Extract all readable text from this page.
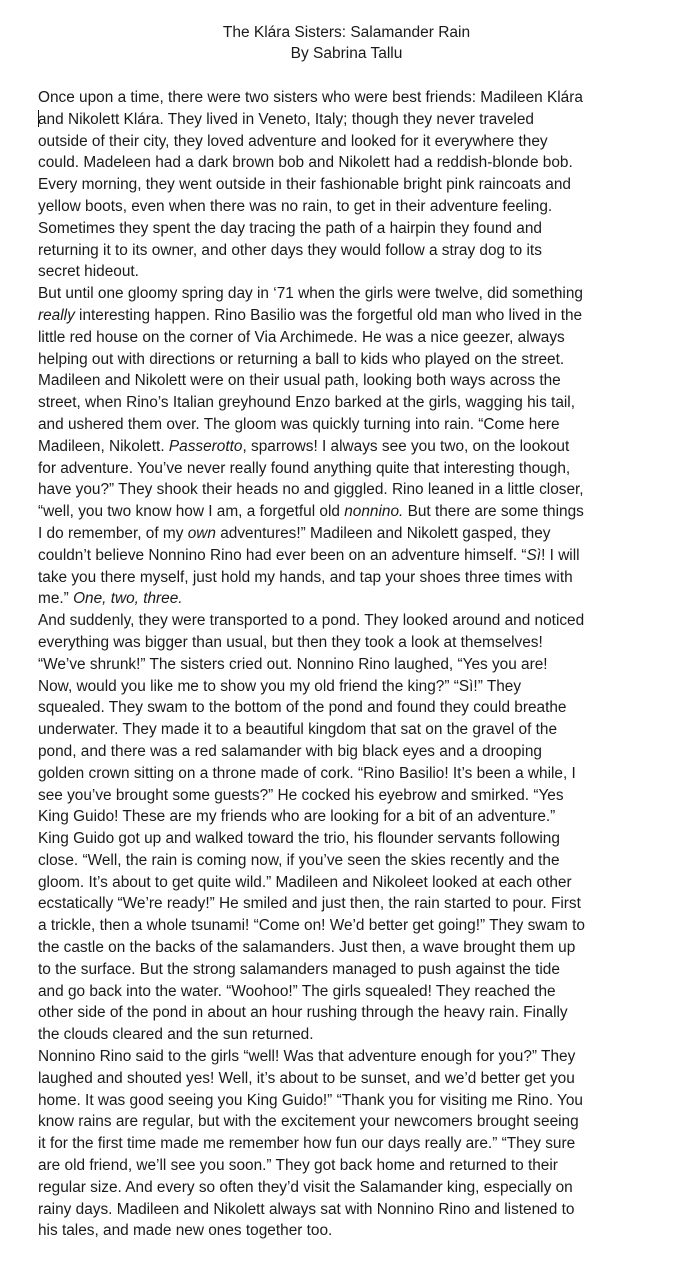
The Klára Sisters: Salamander Rain
By Sabrina Tallu
Once upon a time, there were two sisters who were best friends: Madileen Klára
and Nikolett Klára. They lived in Veneto, Italy; though they never traveled
outside of their city, they loved adventure and looked for it everywhere they
could. Madeleen had a dark brown bob and Nikolett had a reddish-blonde bob.
Every morning, they went outside in their fashionable bright pink raincoats and
yellow boots, even when there was no rain, to get in their adventure feeling.
Sometimes they spent the day tracing the path of a hairpin they found and
returning it to its owner, and other days they would follow a stray dog to its
secret hideout.
But until one gloomy spring day in ‘71 when the girls were twelve, did something
really interesting happen. Rino Basilio was the forgetful old man who lived in the
little red house on the corner of Via Archimede. He was a nice geezer, always
helping out with directions or returning a ball to kids who played on the street.
Madileen and Nikolett were on their usual path, looking both ways across the
street, when Rino’s Italian greyhound Enzo barked at the girls, wagging his tail,
and ushered them over. The gloom was quickly turning into rain. “Come here
Madileen, Nikolett. Passerotto, sparrows! I always see you two, on the lookout
for adventure. You’ve never really found anything quite that interesting though,
have you?” They shook their heads no and giggled. Rino leaned in a little closer,
“well, you two know how I am, a forgetful old nonnino. But there are some things
I do remember, of my own adventures!” Madileen and Nikolett gasped, they
couldn’t believe Nonnino Rino had ever been on an adventure himself. “Sì! I will
take you there myself, just hold my hands, and tap your shoes three times with
me.” One, two, three.
And suddenly, they were transported to a pond. They looked around and noticed
everything was bigger than usual, but then they took a look at themselves!
“We’ve shrunk!” The sisters cried out. Nonnino Rino laughed, “Yes you are!
Now, would you like me to show you my old friend the king?” “Sì!” They
squealed. They swam to the bottom of the pond and found they could breathe
underwater. They made it to a beautiful kingdom that sat on the gravel of the
pond, and there was a red salamander with big black eyes and a drooping
golden crown sitting on a throne made of cork. “Rino Basilio! It’s been a while, I
see you’ve brought some guests?” He cocked his eyebrow and smirked. “Yes
King Guido! These are my friends who are looking for a bit of an adventure.”
King Guido got up and walked toward the trio, his flounder servants following
close. “Well, the rain is coming now, if you’ve seen the skies recently and the
gloom. It’s about to get quite wild.” Madileen and Nikoleet looked at each other
ecstatically “We’re ready!” He smiled and just then, the rain started to pour. First
a trickle, then a whole tsunami! “Come on! We’d better get going!” They swam to
the castle on the backs of the salamanders. Just then, a wave brought them up
to the surface. But the strong salamanders managed to push against the tide
and go back into the water. “Woohoo!” The girls squealed! They reached the
other side of the pond in about an hour rushing through the heavy rain. Finally
the clouds cleared and the sun returned.
Nonnino Rino said to the girls “well! Was that adventure enough for you?” They
laughed and shouted yes! Well, it’s about to be sunset, and we’d better get you
home. It was good seeing you King Guido!” “Thank you for visiting me Rino. You
know rains are regular, but with the excitement your newcomers brought seeing
it for the first time made me remember how fun our days really are.” “They sure
are old friend, we’ll see you soon.” They got back home and returned to their
regular size. And every so often they’d visit the Salamander king, especially on
rainy days. Madileen and Nikolett always sat with Nonnino Rino and listened to
his tales, and made new ones together too.
